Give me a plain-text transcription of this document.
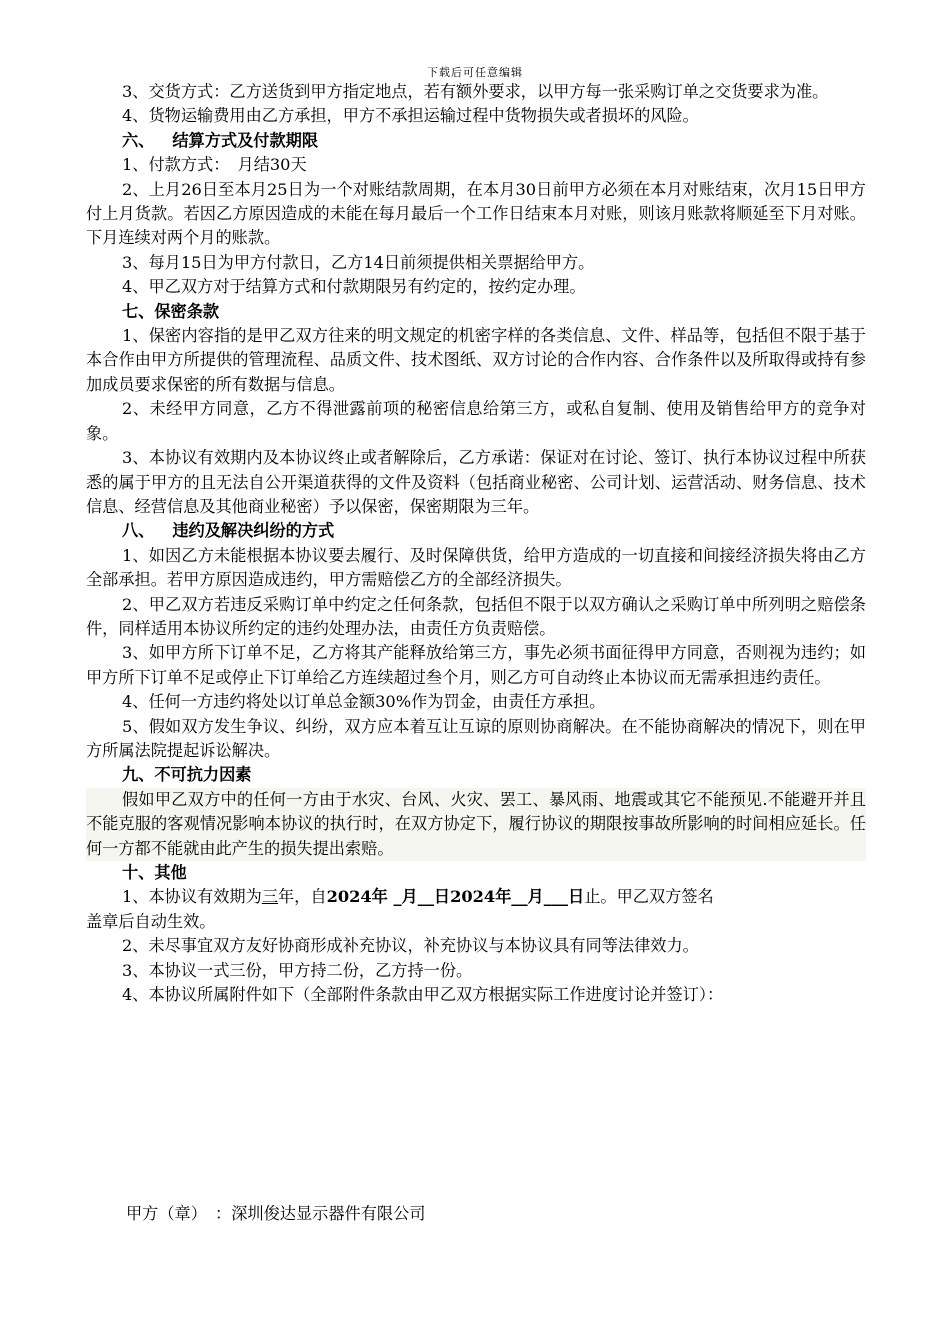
下载后可任意编辑

3、交货方式：乙方送货到甲方指定地点，若有额外要求，以甲方每一张采购订单之交货要求为准。

4、货物运输费用由乙方承担，甲方不承担运输过程中货物损失或者损坏的风险。

六、 结算方式及付款期限

1、付款方式：　月结30天

2、上月26日至本月25日为一个对账结款周期，在本月30日前甲方必须在本月对账结束，次月15日甲方付上月货款。若因乙方原因造成的未能在每月最后一个工作日结束本月对账，则该月账款将顺延至下月对账。下月连续对两个月的账款。

3、每月15日为甲方付款日，乙方14日前须提供相关票据给甲方。

4、甲乙双方对于结算方式和付款期限另有约定的，按约定办理。

七、保密条款

1、保密内容指的是甲乙双方往来的明文规定的机密字样的各类信息、文件、样品等，包括但不限于基于本合作由甲方所提供的管理流程、品质文件、技术图纸、双方讨论的合作内容、合作条件以及所取得或持有参加成员要求保密的所有数据与信息。

2、未经甲方同意，乙方不得泄露前项的秘密信息给第三方，或私自复制、使用及销售给甲方的竞争对象。

3、本协议有效期内及本协议终止或者解除后，乙方承诺：保证对在讨论、签订、执行本协议过程中所获悉的属于甲方的且无法自公开渠道获得的文件及资料（包括商业秘密、公司计划、运营活动、财务信息、技术信息、经营信息及其他商业秘密）予以保密，保密期限为三年。

八、 违约及解决纠纷的方式

1、如因乙方未能根据本协议要去履行、及时保障供货，给甲方造成的一切直接和间接经济损失将由乙方全部承担。若甲方原因造成违约，甲方需赔偿乙方的全部经济损失。

2、甲乙双方若违反采购订单中约定之任何条款，包括但不限于以双方确认之采购订单中所列明之赔偿条件，同样适用本协议所约定的违约处理办法，由责任方负责赔偿。

3、如甲方所下订单不足，乙方将其产能释放给第三方，事先必须书面征得甲方同意，否则视为违约；如甲方所下订单不足或停止下订单给乙方连续超过叁个月，则乙方可自动终止本协议而无需承担违约责任。

4、任何一方违约将处以订单总金额30%作为罚金，由责任方承担。

5、假如双方发生争议、纠纷，双方应本着互让互谅的原则协商解决。在不能协商解决的情况下，则在甲方所属法院提起诉讼解决。

九、不可抗力因素

假如甲乙双方中的任何一方由于水灾、台风、火灾、罢工、暴风雨、地震或其它不能预见.不能避开并且不能克服的客观情况影响本协议的执行时，在双方协定下，履行协议的期限按事故所影响的时间相应延长。任何一方都不能就由此产生的损失提出索赔。

十、其他

1、本协议有效期为三年，自2024年 _月__日2024年__月___日止。甲乙双方签名

盖章后自动生效。

2、未尽事宜双方友好协商形成补充协议，补充协议与本协议具有同等法律效力。

3、本协议一式三份，甲方持二份，乙方持一份。

4、本协议所属附件如下（全部附件条款由甲乙双方根据实际工作进度讨论并签订）：

甲方（章）　：深圳俊达显示器件有限公司
